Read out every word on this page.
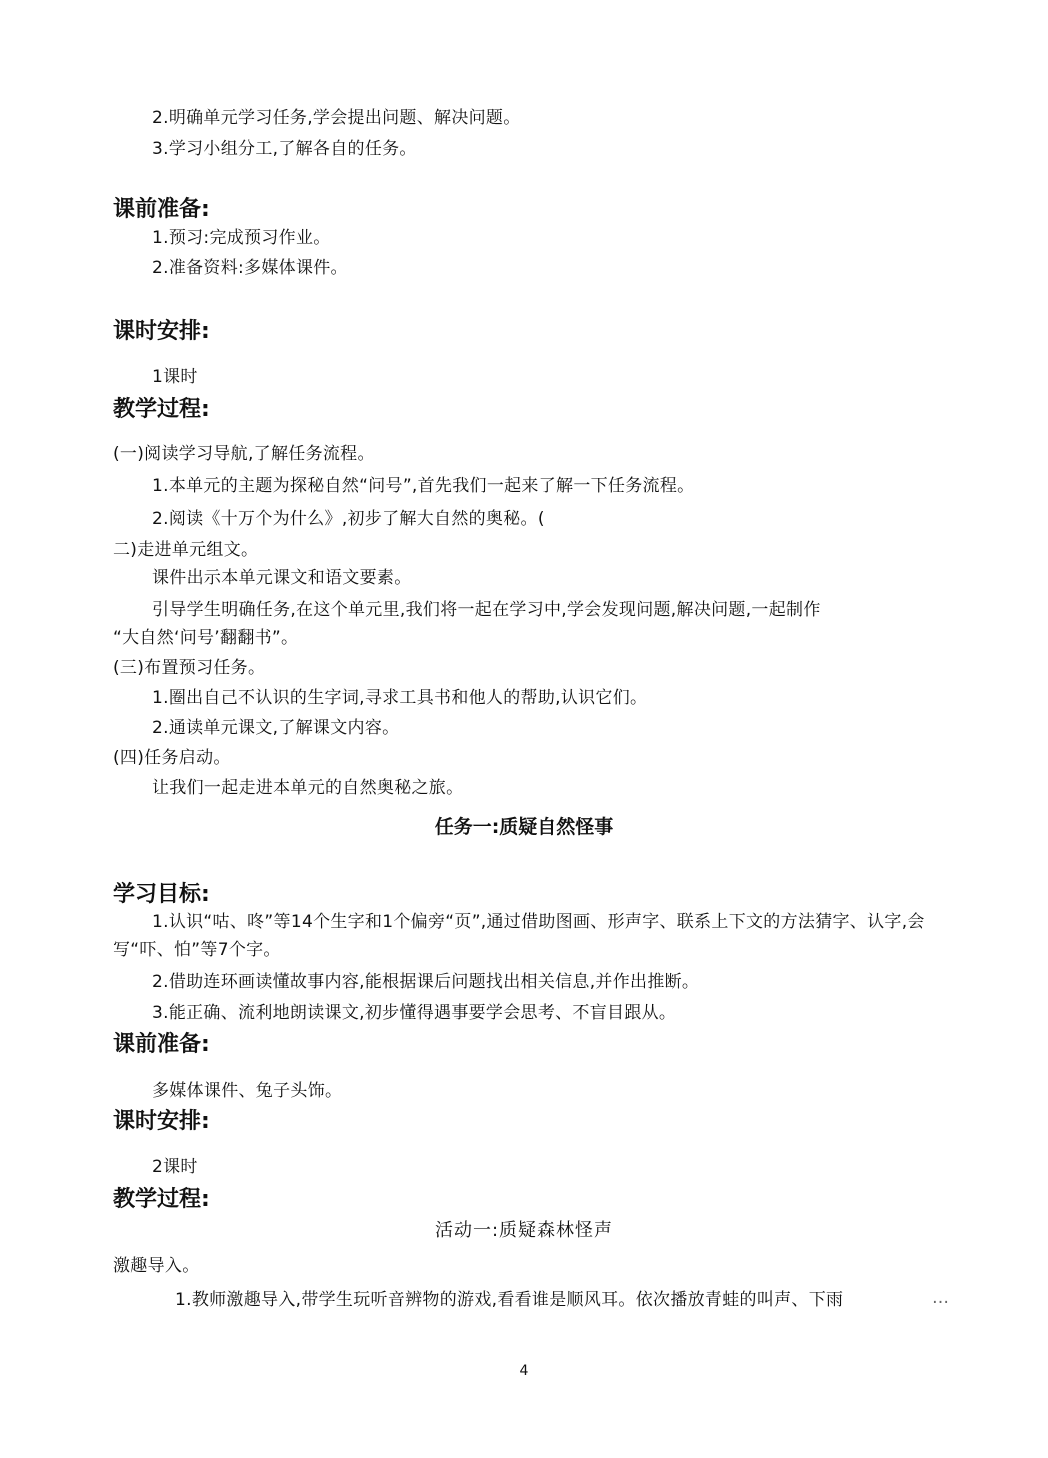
2.明确单元学习任务,学会提出问题、解决问题。
3.学习小组分工,了解各自的任务。
课前准备:
1.预习:完成预习作业。
2.准备资料:多媒体课件。
课时安排:
1课时
教学过程:
(一)阅读学习导航,了解任务流程。
1.本单元的主题为探秘自然“问号”,首先我们一起来了解一下任务流程。
2.阅读《十万个为什么》,初步了解大自然的奥秘。(
二)走进单元组文。
课件出示本单元课文和语文要素。
引导学生明确任务,在这个单元里,我们将一起在学习中,学会发现问题,解决问题,一起制作
“大自然‘问号’翻翻书”。
(三)布置预习任务。
1.圈出自己不认识的生字词,寻求工具书和他人的帮助,认识它们。
2.通读单元课文,了解课文内容。
(四)任务启动。
让我们一起走进本单元的自然奥秘之旅。
任务一:质疑自然怪事
学习目标:
1.认识“咕、咚”等14个生字和1个偏旁“页”,通过借助图画、形声字、联系上下文的方法猜字、认字,会
写“吓、怕”等7个字。
2.借助连环画读懂故事内容,能根据课后问题找出相关信息,并作出推断。
3.能正确、流利地朗读课文,初步懂得遇事要学会思考、不盲目跟从。
课前准备:
多媒体课件、兔子头饰。
课时安排:
2课时
教学过程:
活动一:质疑森林怪声
激趣导入。
1.教师激趣导入,带学生玩听音辨物的游戏,看看谁是顺风耳。依次播放青蛙的叫声、下雨	…
4
